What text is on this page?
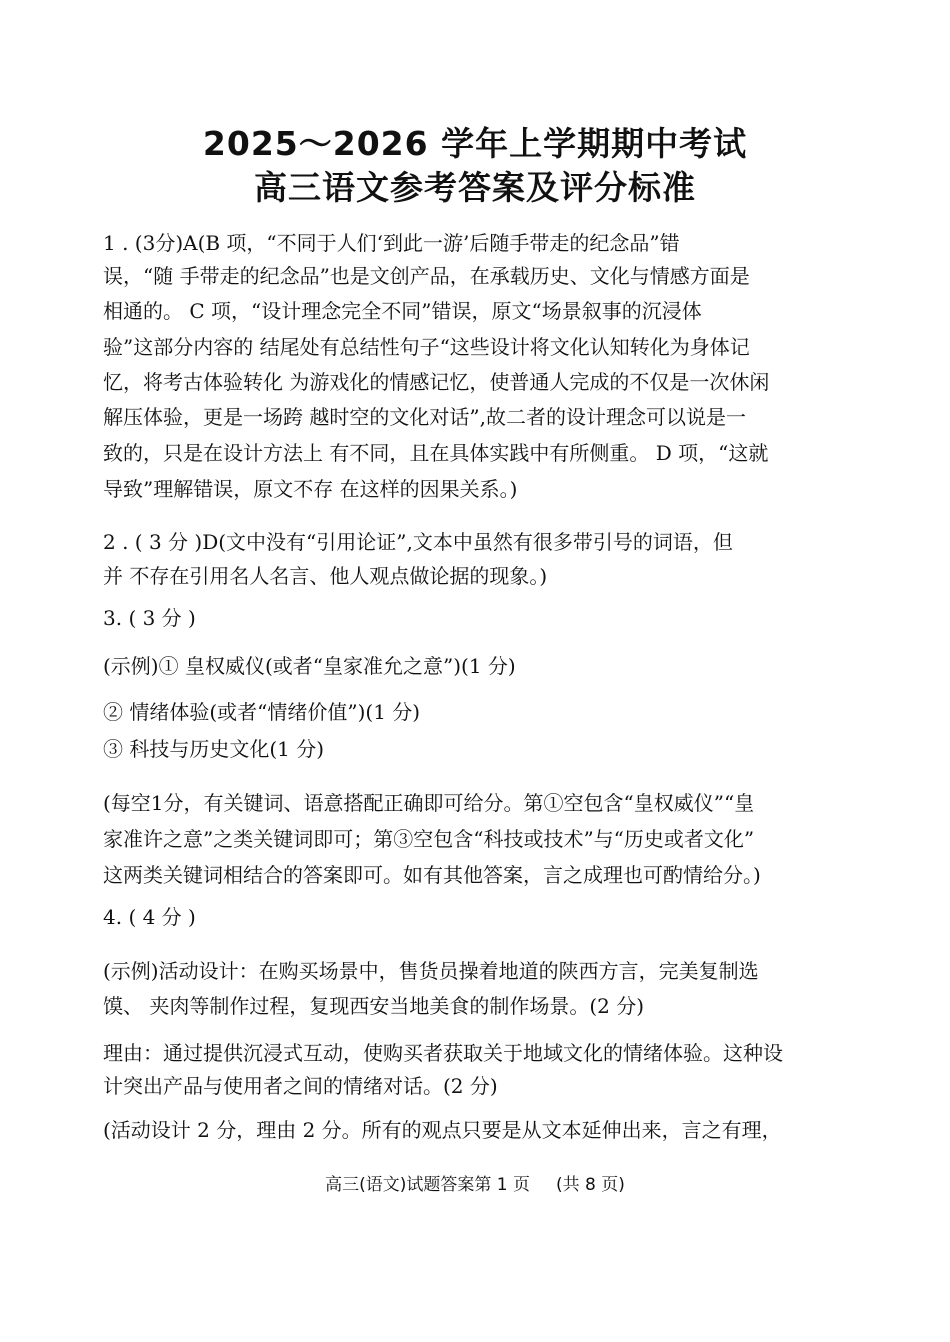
2025～2026 学年上学期期中考试
高三语文参考答案及评分标准
1 . (3分)A(B 项，“不同于人们‘到此一游’后随手带走的纪念品”错
误，“随 手带走的纪念品”也是文创产品，在承载历史、文化与情感方面是
相通的。 C 项，“设计理念完全不同”错误，原文“场景叙事的沉浸体
验”这部分内容的 结尾处有总结性句子“这些设计将文化认知转化为身体记
忆，将考古体验转化 为游戏化的情感记忆，使普通人完成的不仅是一次休闲
解压体验，更是一场跨 越时空的文化对话”,故二者的设计理念可以说是一
致的，只是在设计方法上 有不同，且在具体实践中有所侧重。 D 项，“这就
导致”理解错误，原文不存 在这样的因果关系。)
2 . ( 3 分 )D(文中没有“引用论证”,文本中虽然有很多带引号的词语，但
并 不存在引用名人名言、他人观点做论据的现象。)
3. ( 3 分 )
(示例)① 皇权威仪(或者“皇家准允之意”)(1 分)
② 情绪体验(或者“情绪价值”)(1 分)
③ 科技与历史文化(1 分)
(每空1分，有关键词、语意搭配正确即可给分。第①空包含“皇权威仪”“皇
家准许之意”之类关键词即可；第③空包含“科技或技术”与“历史或者文化”
这两类关键词相结合的答案即可。如有其他答案，言之成理也可酌情给分。)
4. ( 4 分 )
(示例)活动设计：在购买场景中，售货员操着地道的陕西方言，完美复制选
馍、 夹肉等制作过程，复现西安当地美食的制作场景。(2 分)
理由：通过提供沉浸式互动，使购买者获取关于地域文化的情绪体验。这种设
计突出产品与使用者之间的情绪对话。(2 分)
(活动设计 2 分，理由 2 分。所有的观点只要是从文本延伸出来，言之有理，
高三(语文)试题答案第 1 页 (共 8 页)
